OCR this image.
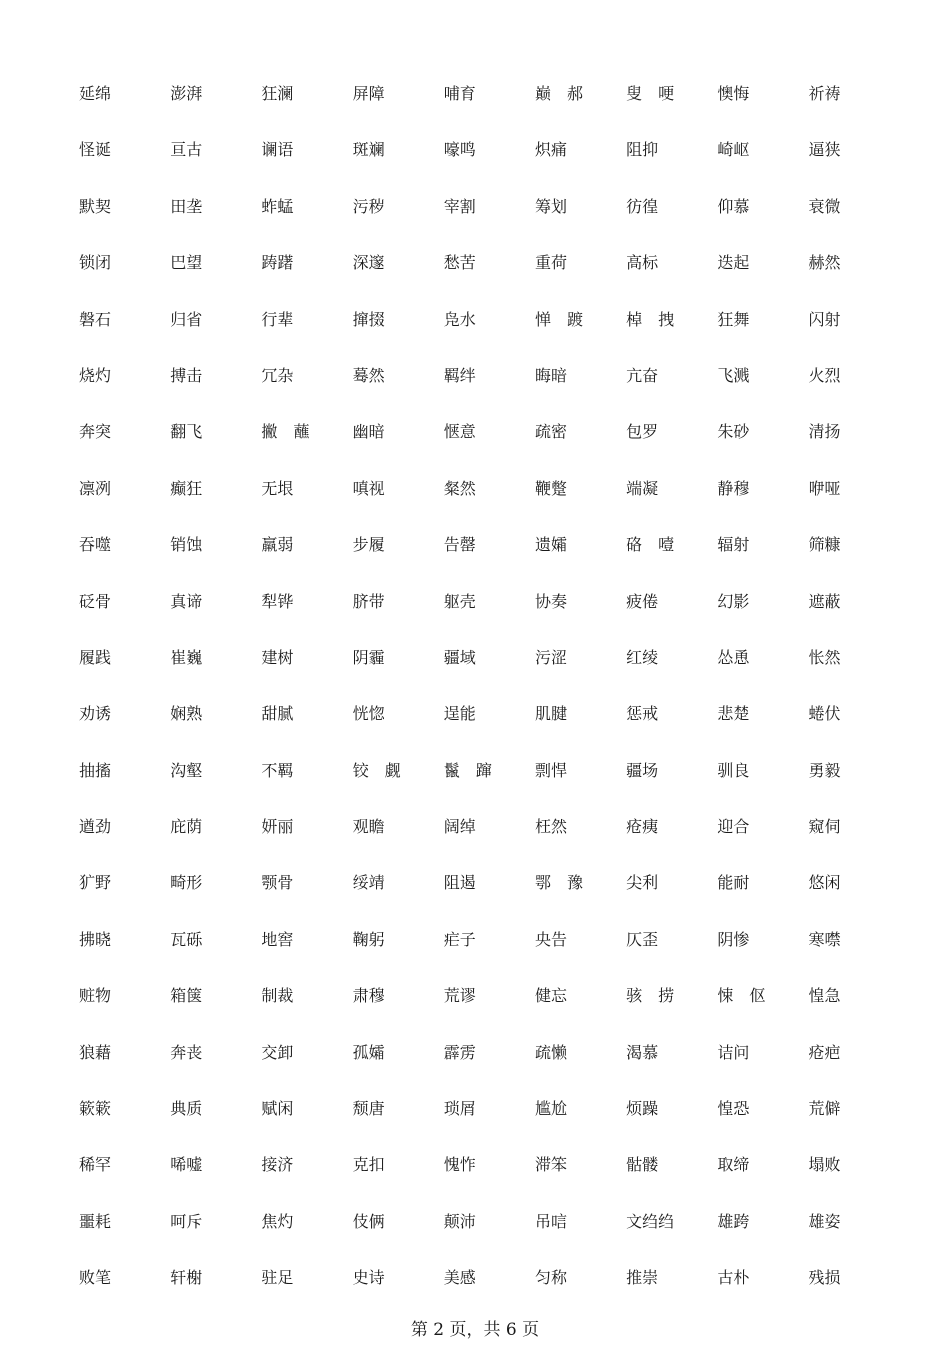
延绵	澎湃	狂澜	屏障	哺育	巅　郝	叟　哽	懊悔	祈祷
怪诞	亘古	谰语	斑斓	嚎鸣	炽痛	阻抑	崎岖	逼狭
默契	田垄	蚱蜢	污秽	宰割	筹划	彷徨	仰慕	衰微
锁闭	巴望	踌躇	深邃	愁苦	重荷	高标	迭起	赫然
磐石	归省	行辈	撺掇	凫水	惮　踱	棹　拽	狂舞	闪射
烧灼	搏击	冗杂	蓦然	羁绊	晦暗	亢奋	飞溅	火烈
奔突	翻飞	撇　蘸	幽暗	惬意	疏密	包罗	朱砂	清扬
凛冽	癫狂	无垠	嗔视	粲然	鞭蹩	端凝	静穆	咿哑
吞噬	销蚀	羸弱	步履	告罄	遗孀	硌　噎	辐射	筛糠
砭骨	真谛	犁铧	脐带	躯壳	协奏	疲倦	幻影	遮蔽
履践	崔巍	建树	阴霾	疆域	污涩	红绫	怂恿	怅然
劝诱	娴熟	甜腻	恍惚	逞能	肌腱	惩戒	悲楚	蜷伏
抽搐	沟壑	不羁	铰　觑	鬣　蹿	剽悍	疆场	驯良	勇毅
遒劲	庇荫	妍丽	观瞻	阔绰	枉然	疮痍	迎合	窥伺
犷野	畸形	颚骨	绥靖	阻遏	鄂　豫	尖利	能耐	悠闲
拂晓	瓦砾	地窖	鞠躬	疟子	央告	仄歪	阴惨	寒噤
赃物	箱箧	制裁	肃穆	荒谬	健忘	骇　捞	悚　伛	惶急
狼藉	奔丧	交卸	孤孀	霹雳	疏懒	渴慕	诘问	疮疤
簌簌	典质	赋闲	颓唐	琐屑	尴尬	烦躁	惶恐	荒僻
稀罕	唏嘘	接济	克扣	愧怍	滞笨	骷髅	取缔	塌败
噩耗	呵斥	焦灼	伎俩	颠沛	吊唁	文绉绉	雄跨	雄姿
败笔	轩榭	驻足	史诗	美感	匀称	推崇	古朴	残损
第 2 页，共 6 页
